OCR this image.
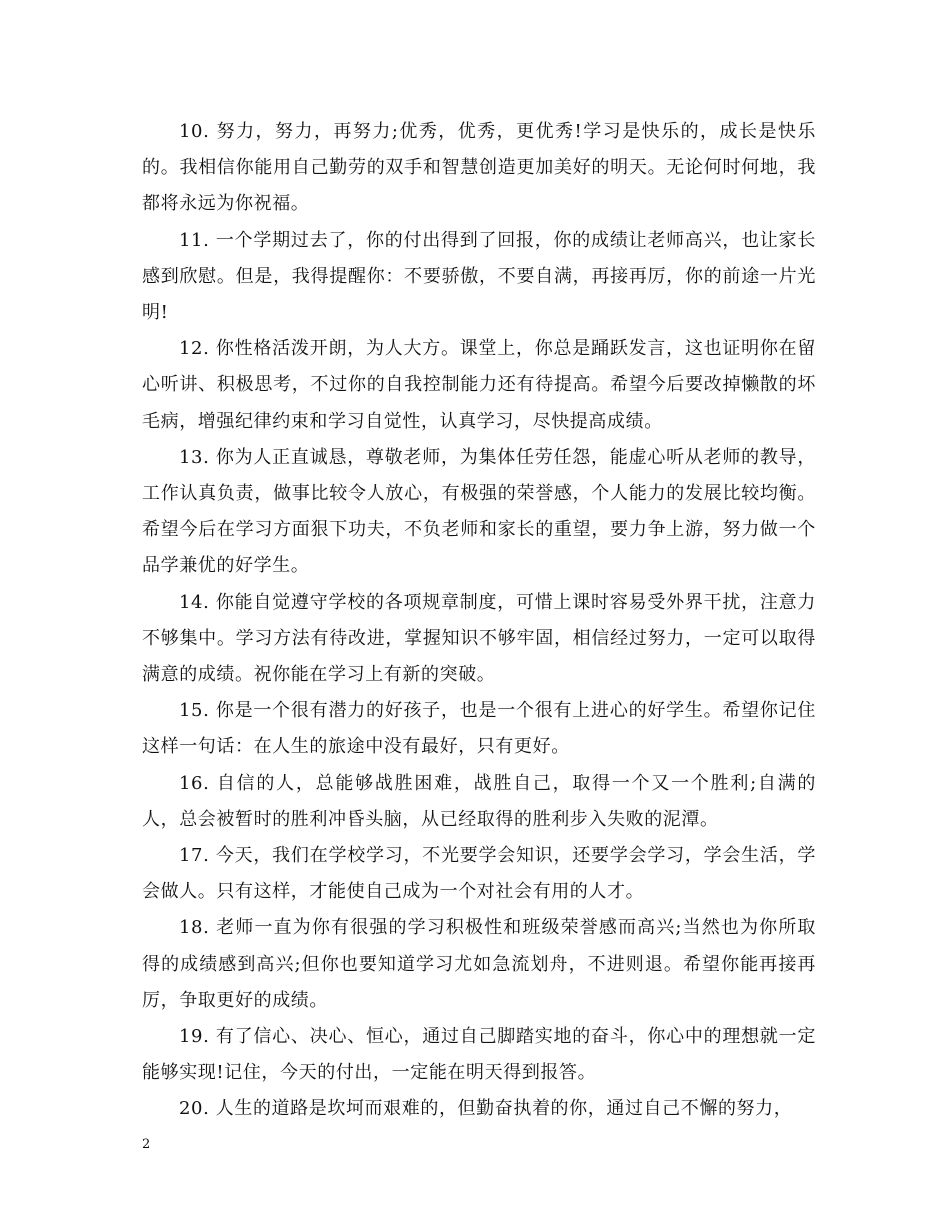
10. 努力，努力，再努力;优秀，优秀，更优秀!学习是快乐的，成长是快乐的。我相信你能用自己勤劳的双手和智慧创造更加美好的明天。无论何时何地，我都将永远为你祝福。

11. 一个学期过去了，你的付出得到了回报，你的成绩让老师高兴，也让家长感到欣慰。但是，我得提醒你：不要骄傲，不要自满，再接再厉，你的前途一片光明!

12. 你性格活泼开朗，为人大方。课堂上，你总是踊跃发言，这也证明你在留心听讲、积极思考，不过你的自我控制能力还有待提高。希望今后要改掉懒散的坏毛病，增强纪律约束和学习自觉性，认真学习，尽快提高成绩。

13. 你为人正直诚恳，尊敬老师，为集体任劳任怨，能虚心听从老师的教导，工作认真负责，做事比较令人放心，有极强的荣誉感，个人能力的发展比较均衡。希望今后在学习方面狠下功夫，不负老师和家长的重望，要力争上游，努力做一个品学兼优的好学生。

14. 你能自觉遵守学校的各项规章制度，可惜上课时容易受外界干扰，注意力不够集中。学习方法有待改进，掌握知识不够牢固，相信经过努力，一定可以取得满意的成绩。祝你能在学习上有新的突破。

15. 你是一个很有潜力的好孩子，也是一个很有上进心的好学生。希望你记住这样一句话：在人生的旅途中没有最好，只有更好。

16. 自信的人，总能够战胜困难，战胜自己，取得一个又一个胜利;自满的人，总会被暂时的胜利冲昏头脑，从已经取得的胜利步入失败的泥潭。

17. 今天，我们在学校学习，不光要学会知识，还要学会学习，学会生活，学会做人。只有这样，才能使自己成为一个对社会有用的人才。

18. 老师一直为你有很强的学习积极性和班级荣誉感而高兴;当然也为你所取得的成绩感到高兴;但你也要知道学习尤如急流划舟，不进则退。希望你能再接再厉，争取更好的成绩。

19. 有了信心、决心、恒心，通过自己脚踏实地的奋斗，你心中的理想就一定能够实现!记住，今天的付出，一定能在明天得到报答。

20. 人生的道路是坎坷而艰难的，但勤奋执着的你，通过自己不懈的努力，

2
